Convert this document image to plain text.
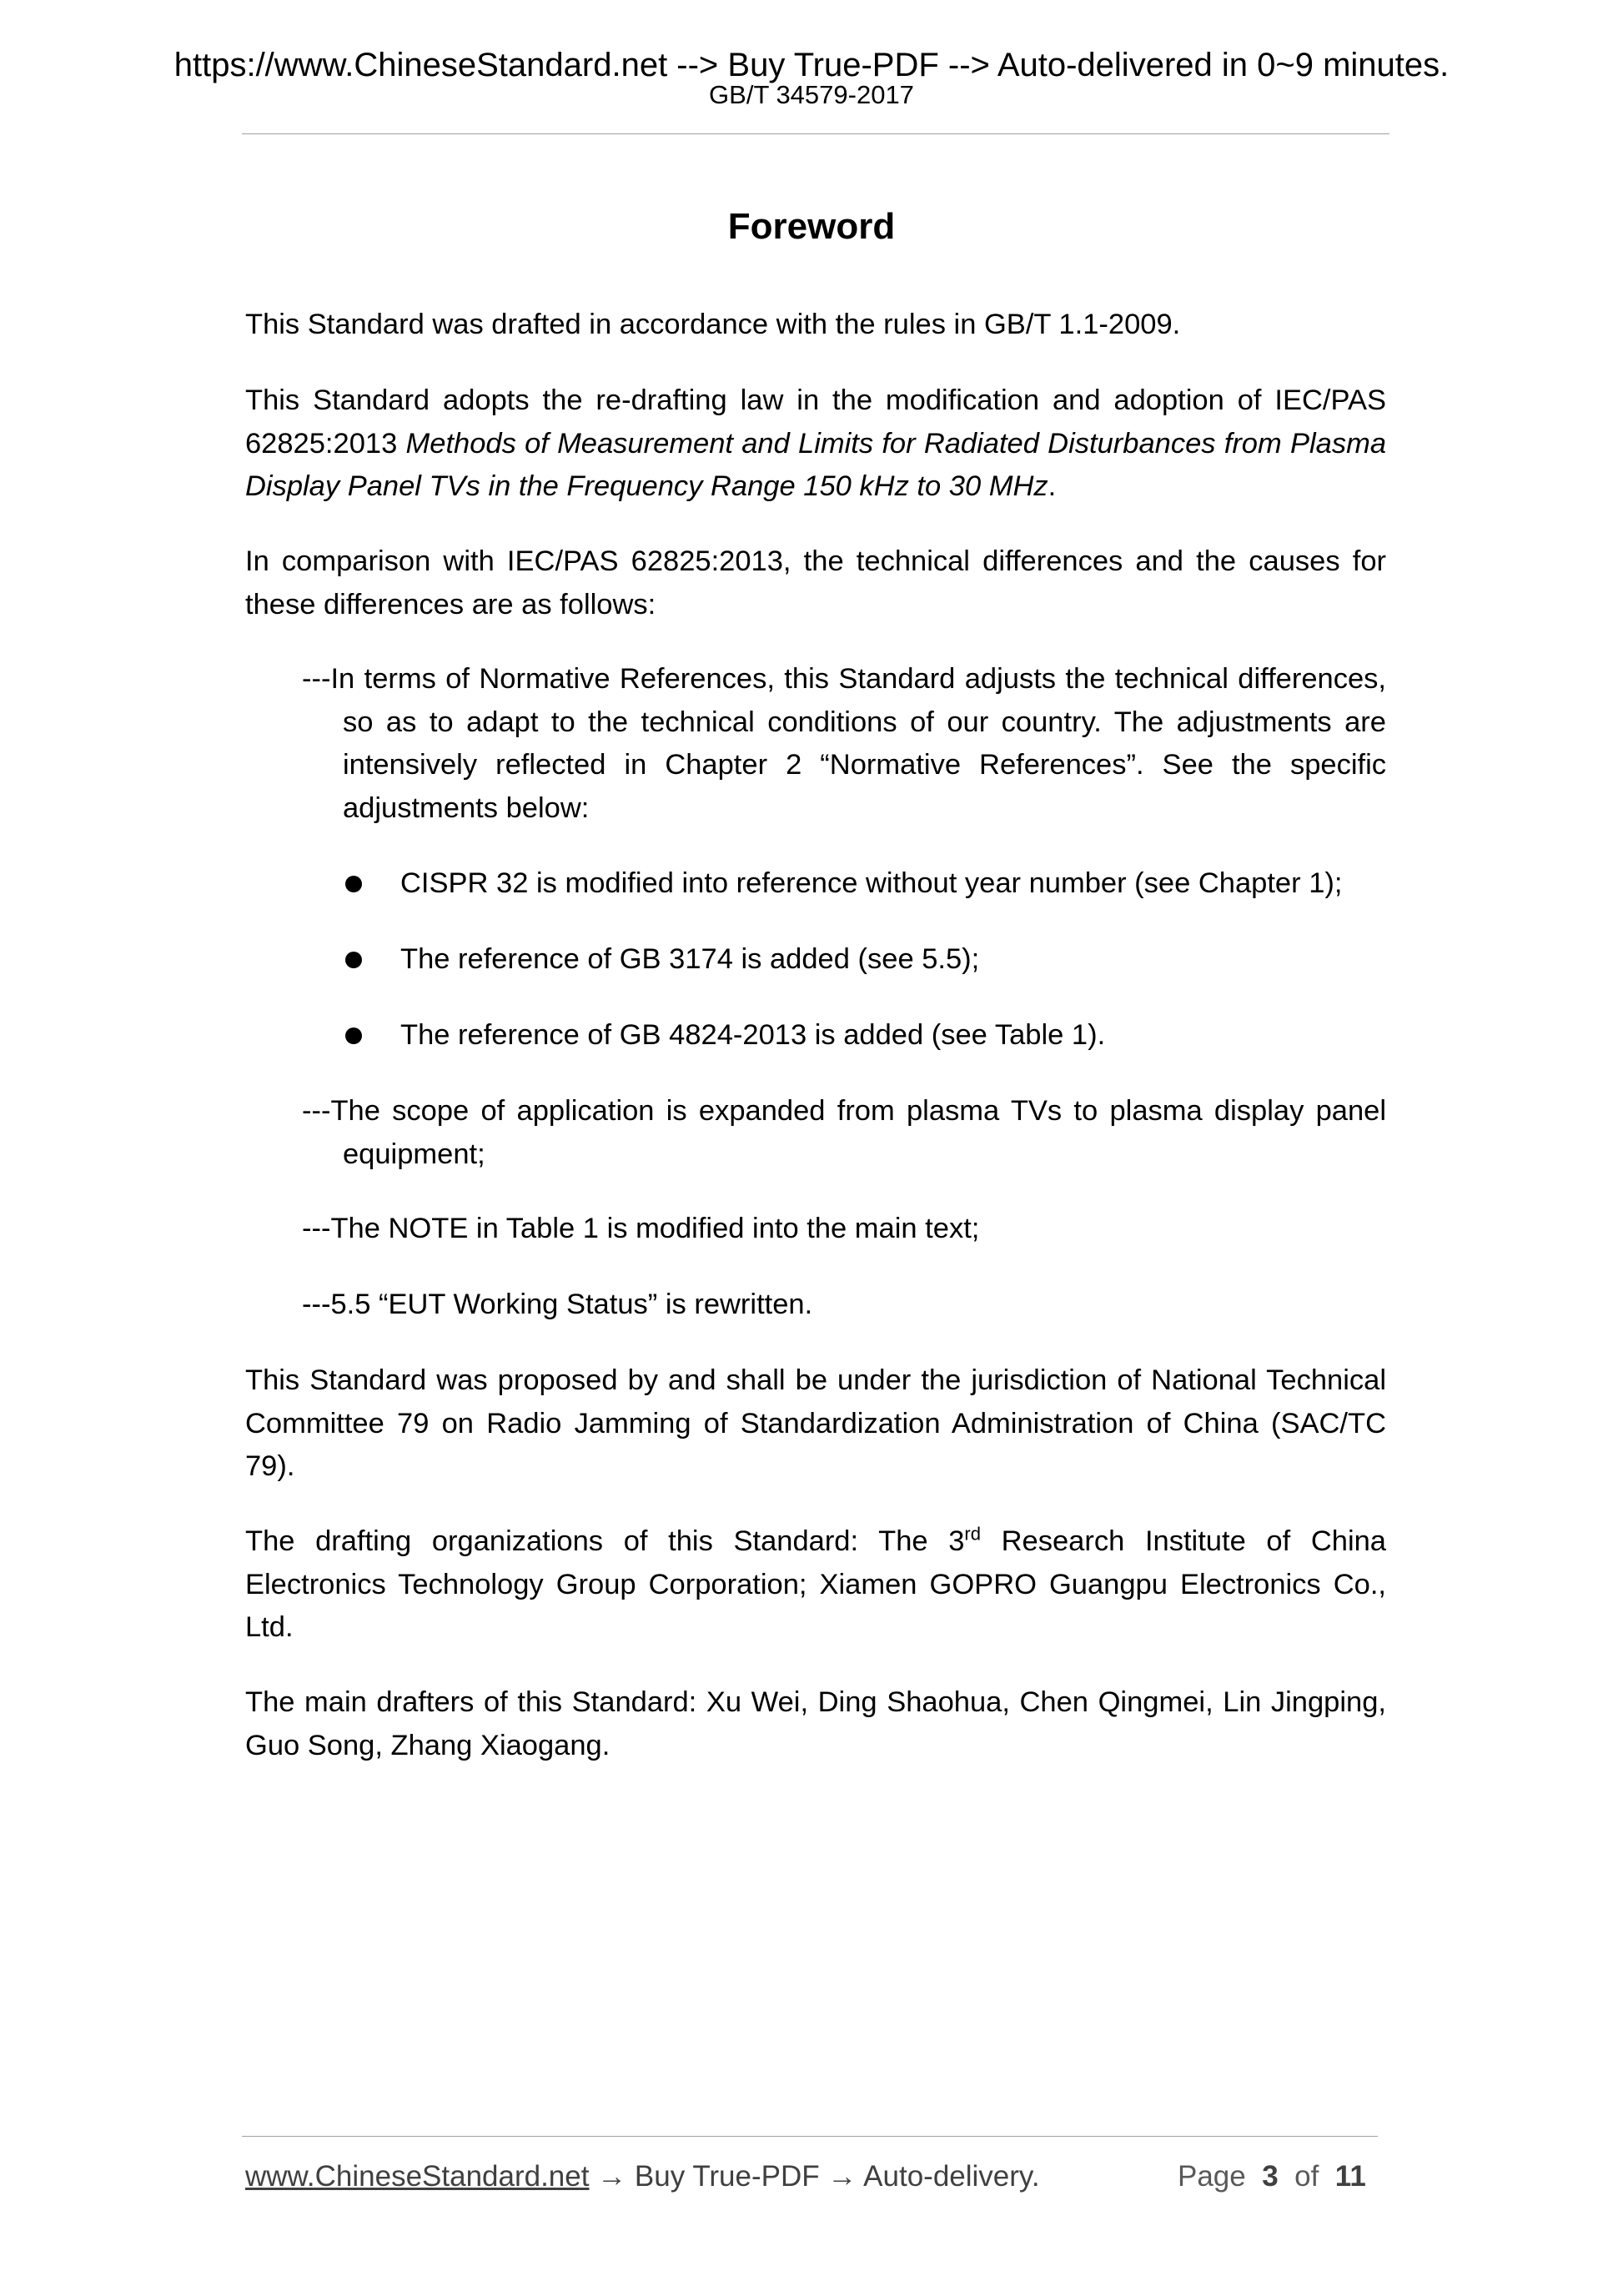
https://www.ChineseStandard.net --> Buy True-PDF --> Auto-delivered in 0~9 minutes.
GB/T 34579-2017
Foreword
This Standard was drafted in accordance with the rules in GB/T 1.1-2009.
This Standard adopts the re-drafting law in the modification and adoption of IEC/PAS 62825:2013 Methods of Measurement and Limits for Radiated Disturbances from Plasma Display Panel TVs in the Frequency Range 150 kHz to 30 MHz.
In comparison with IEC/PAS 62825:2013, the technical differences and the causes for these differences are as follows:
---In terms of Normative References, this Standard adjusts the technical differences, so as to adapt to the technical conditions of our country. The adjustments are intensively reflected in Chapter 2 “Normative References”. See the specific adjustments below:
CISPR 32 is modified into reference without year number (see Chapter 1);
The reference of GB 3174 is added (see 5.5);
The reference of GB 4824-2013 is added (see Table 1).
---The scope of application is expanded from plasma TVs to plasma display panel equipment;
---The NOTE in Table 1 is modified into the main text;
---5.5 “EUT Working Status” is rewritten.
This Standard was proposed by and shall be under the jurisdiction of National Technical Committee 79 on Radio Jamming of Standardization Administration of China (SAC/TC 79).
The drafting organizations of this Standard: The 3rd Research Institute of China Electronics Technology Group Corporation; Xiamen GOPRO Guangpu Electronics Co., Ltd.
The main drafters of this Standard: Xu Wei, Ding Shaohua, Chen Qingmei, Lin Jingping, Guo Song, Zhang Xiaogang.
www.ChineseStandard.net → Buy True-PDF → Auto-delivery.	Page 3 of 11
